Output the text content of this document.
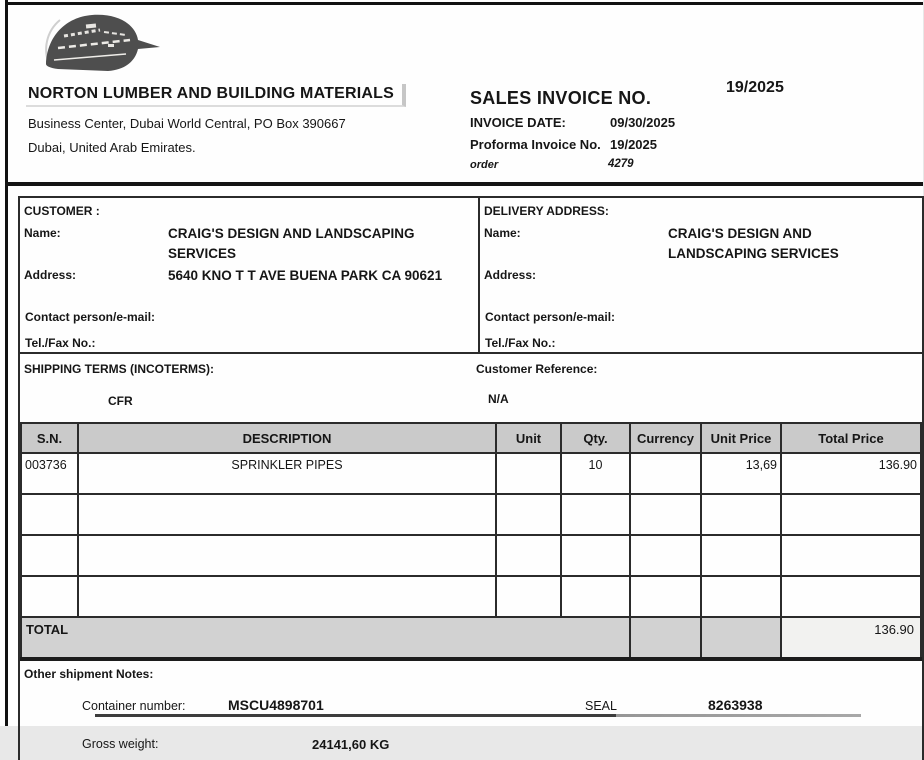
NORTON LUMBER AND BUILDING MATERIALS
Business Center, Dubai World Central, PO Box 390667
Dubai, United Arab Emirates.
SALES INVOICE NO.
19/2025
INVOICE DATE:	09/30/2025
Proforma Invoice No. 19/2025
order	4279
CUSTOMER :
Name:	CRAIG'S DESIGN AND LANDSCAPING SERVICES
Address:	5640 KNO T T AVE BUENA PARK CA 90621
Contact person/e-mail:
Tel./Fax No.:
DELIVERY ADDRESS:
Name:	CRAIG'S DESIGN AND LANDSCAPING SERVICES
Address:
Contact person/e-mail:
Tel./Fax No.:
SHIPPING TERMS (INCOTERMS):
CFR
Customer Reference:
N/A
S.N.	DESCRIPTION	Unit	Qty.	Currency	Unit Price	Total Price
003736	SPRINKLER PIPES		10		13,69	136.90

TOTAL						136.90
Other shipment Notes:
Container number:	MSCU4898701	SEAL	8263938
Gross weight:	24141,60 KG
